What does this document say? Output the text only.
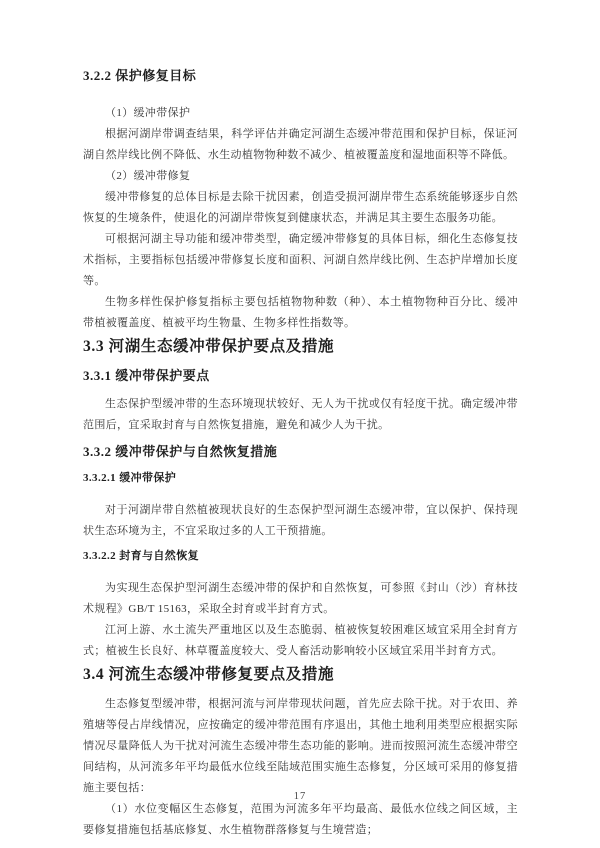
3.2.2 保护修复目标
（1）缓冲带保护
根据河湖岸带调查结果，科学评估并确定河湖生态缓冲带范围和保护目标，保证河湖自然岸线比例不降低、水生动植物物种数不减少、植被覆盖度和湿地面积等不降低。
（2）缓冲带修复
缓冲带修复的总体目标是去除干扰因素，创造受损河湖岸带生态系统能够逐步自然恢复的生境条件，使退化的河湖岸带恢复到健康状态，并满足其主要生态服务功能。
可根据河湖主导功能和缓冲带类型，确定缓冲带修复的具体目标，细化生态修复技术指标，主要指标包括缓冲带修复长度和面积、河湖自然岸线比例、生态护岸增加长度等。
生物多样性保护修复指标主要包括植物物种数（种）、本土植物物种百分比、缓冲带植被覆盖度、植被平均生物量、生物多样性指数等。
3.3 河湖生态缓冲带保护要点及措施
3.3.1 缓冲带保护要点
生态保护型缓冲带的生态环境现状较好、无人为干扰或仅有轻度干扰。确定缓冲带范围后，宜采取封育与自然恢复措施，避免和减少人为干扰。
3.3.2 缓冲带保护与自然恢复措施
3.3.2.1 缓冲带保护
对于河湖岸带自然植被现状良好的生态保护型河湖生态缓冲带，宜以保护、保持现状生态环境为主，不宜采取过多的人工干预措施。
3.3.2.2 封育与自然恢复
为实现生态保护型河湖生态缓冲带的保护和自然恢复，可参照《封山（沙）育林技术规程》GB/T 15163，采取全封育或半封育方式。
江河上游、水土流失严重地区以及生态脆弱、植被恢复较困难区域宜采用全封育方式；植被生长良好、林草覆盖度较大、受人畜活动影响较小区域宜采用半封育方式。
3.4 河流生态缓冲带修复要点及措施
生态修复型缓冲带，根据河流与河岸带现状问题，首先应去除干扰。对于农田、养殖塘等侵占岸线情况，应按确定的缓冲带范围有序退出，其他土地利用类型应根据实际情况尽量降低人为干扰对河流生态缓冲带生态功能的影响。进而按照河流生态缓冲带空间结构，从河流多年平均最低水位线至陆域范围实施生态修复，分区域可采用的修复措施主要包括：
（1）水位变幅区生态修复，范围为河流多年平均最高、最低水位线之间区域，主要修复措施包括基底修复、水生植物群落修复与生境营造；
17
